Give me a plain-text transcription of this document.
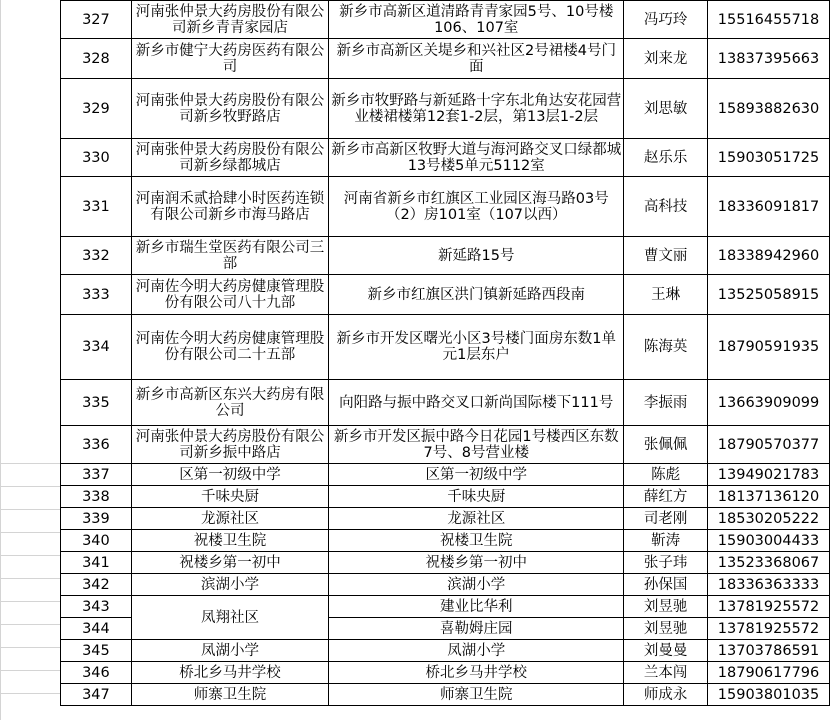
327	河南张仲景大药房股份有限公司新乡青青家园店	新乡市高新区道清路青青家园5号、10号楼106、107室	冯巧玲	15516455718
328	新乡市健宁大药房医药有限公司	新乡市高新区关堤乡和兴社区2号裙楼4号门面	刘来龙	13837395663
329	河南张仲景大药房股份有限公司新乡牧野路店	新乡市牧野路与新延路十字东北角达安花园营业楼裙楼第12套1-2层，第13层1-2层	刘思敏	15893882630
330	河南张仲景大药房股份有限公司新乡绿都城店	新乡市高新区牧野大道与海河路交叉口绿都城13号楼5单元5112室	赵乐乐	15903051725
331	河南润禾贰拾肆小时医药连锁有限公司新乡市海马路店	河南省新乡市红旗区工业园区海马路03号（2）房101室（107以西）	高科技	18336091817
332	新乡市瑞生堂医药有限公司三部	新延路15号	曹文丽	18338942960
333	河南佐今明大药房健康管理股份有限公司八十九部	新乡市红旗区洪门镇新延路西段南	王琳	13525058915
334	河南佐今明大药房健康管理股份有限公司二十五部	新乡市开发区曙光小区3号楼门面房东数1单元1层东户	陈海英	18790591935
335	新乡市高新区东兴大药房有限公司	向阳路与振中路交叉口新尚国际楼下111号	李振雨	13663909099
336	河南张仲景大药房股份有限公司新乡振中路店	新乡市开发区振中路今日花园1号楼西区东数7号、8号营业楼	张佩佩	18790570377
337	区第一初级中学	区第一初级中学	陈彪	13949021783
338	千味央厨	千味央厨	薛红方	18137136120
339	龙源社区	龙源社区	司老刚	18530205222
340	祝楼卫生院	祝楼卫生院	靳涛	15903004433
341	祝楼乡第一初中	祝楼乡第一初中	张子玮	13523368067
342	滨湖小学	滨湖小学	孙保国	18336363333
343	凤翔社区	建业比华利	刘昱驰	13781925572
344		喜勒姆庄园	刘昱驰	13781925572
345	凤湖小学	凤湖小学	刘曼曼	13703786591
346	桥北乡马井学校	桥北乡马井学校	兰本闯	18790617796
347	师寨卫生院	师寨卫生院	师成永	15903801035
